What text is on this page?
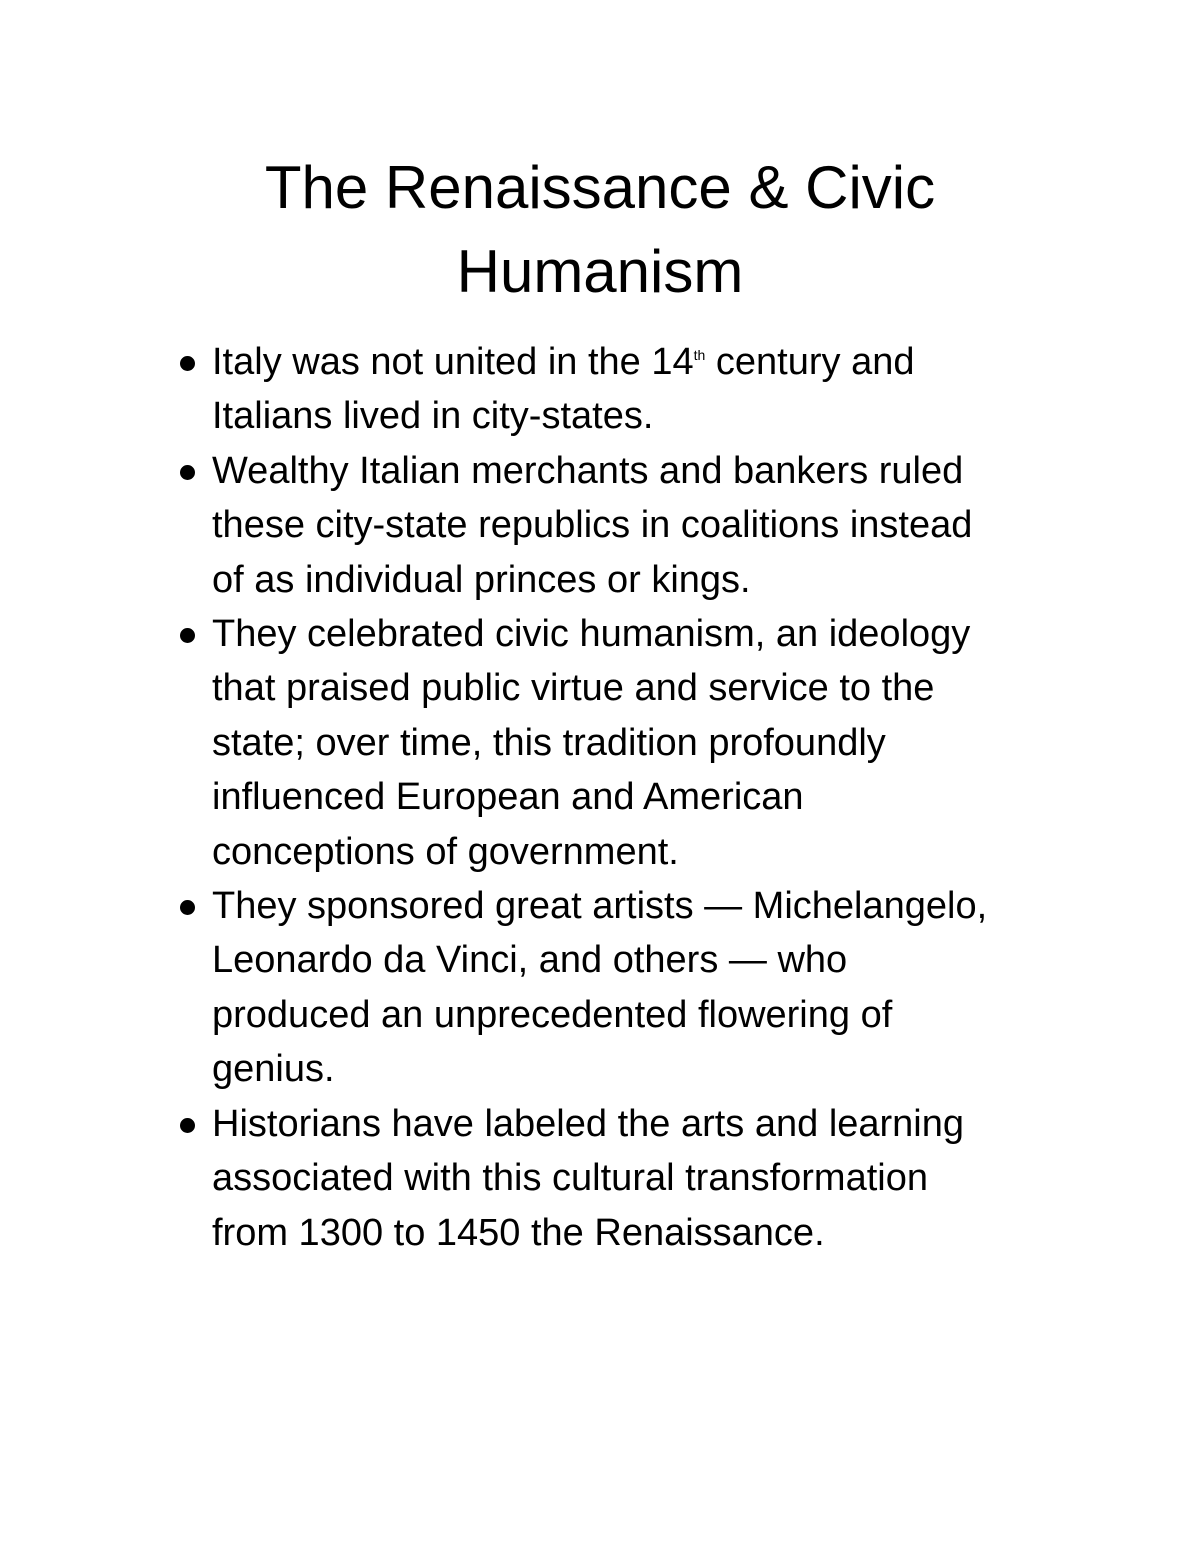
The Renaissance & Civic
Humanism
Italy was not united in the 14th century and
Italians lived in city-states.
Wealthy Italian merchants and bankers ruled
these city-state republics in coalitions instead
of as individual princes or kings.
They celebrated civic humanism, an ideology
that praised public virtue and service to the
state; over time, this tradition profoundly
influenced European and American
conceptions of government.
They sponsored great artists — Michelangelo,
Leonardo da Vinci, and others — who
produced an unprecedented flowering of
genius.
Historians have labeled the arts and learning
associated with this cultural transformation
from 1300 to 1450 the Renaissance.
